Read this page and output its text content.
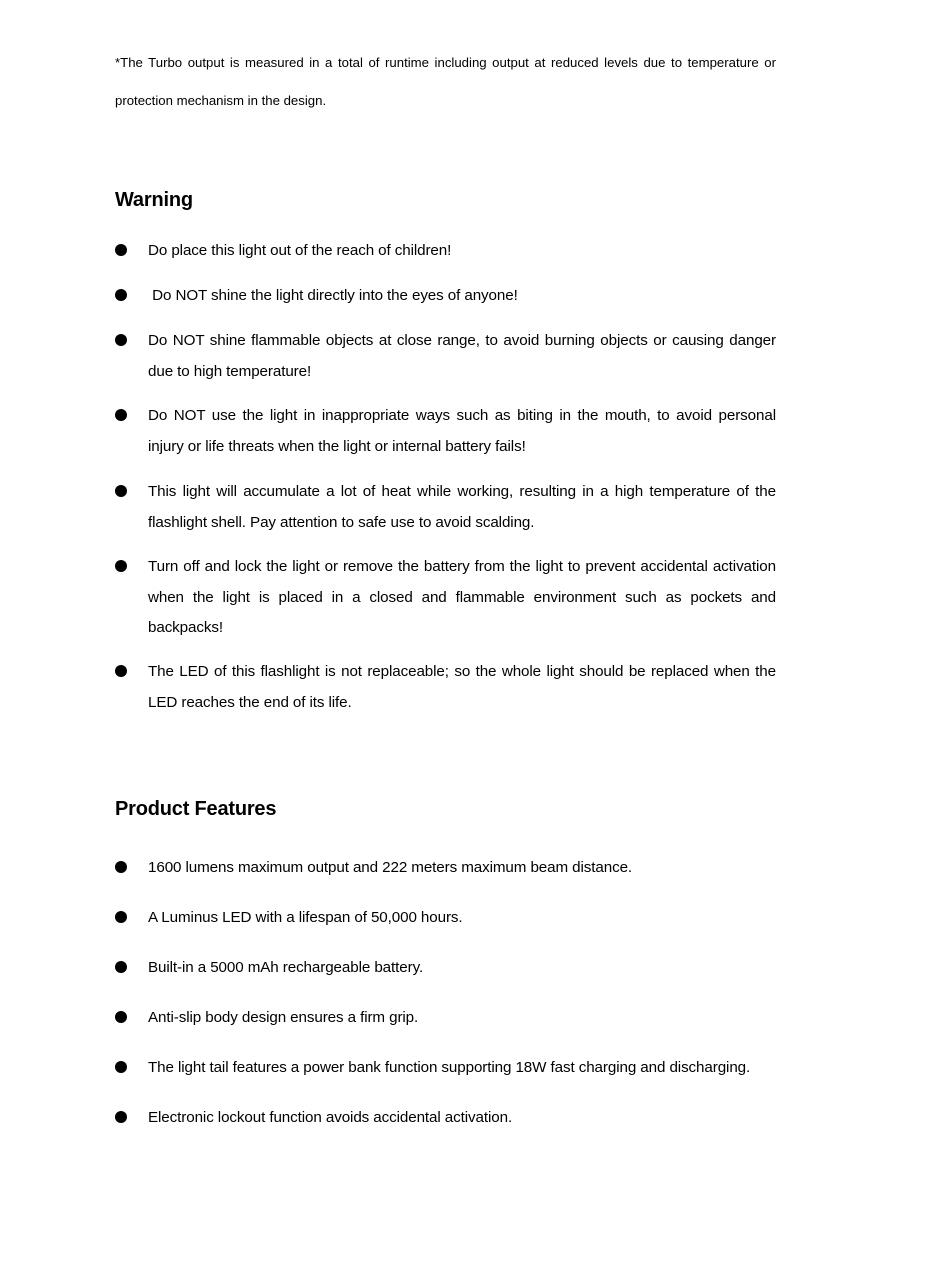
*The Turbo output is measured in a total of runtime including output at reduced levels due to temperature or protection mechanism in the design.

Warning
Do place this light out of the reach of children!
Do NOT shine the light directly into the eyes of anyone!
Do NOT shine flammable objects at close range, to avoid burning objects or causing danger due to high temperature!
Do NOT use the light in inappropriate ways such as biting in the mouth, to avoid personal injury or life threats when the light or internal battery fails!
This light will accumulate a lot of heat while working, resulting in a high temperature of the flashlight shell. Pay attention to safe use to avoid scalding.
Turn off and lock the light or remove the battery from the light to prevent accidental activation when the light is placed in a closed and flammable environment such as pockets and backpacks!
The LED of this flashlight is not replaceable; so the whole light should be replaced when the LED reaches the end of its life.
Product Features
1600 lumens maximum output and 222 meters maximum beam distance.
A Luminus LED with a lifespan of 50,000 hours.
Built-in a 5000 mAh rechargeable battery.
Anti-slip body design ensures a firm grip.
The light tail features a power bank function supporting 18W fast charging and discharging.
Electronic lockout function avoids accidental activation.
